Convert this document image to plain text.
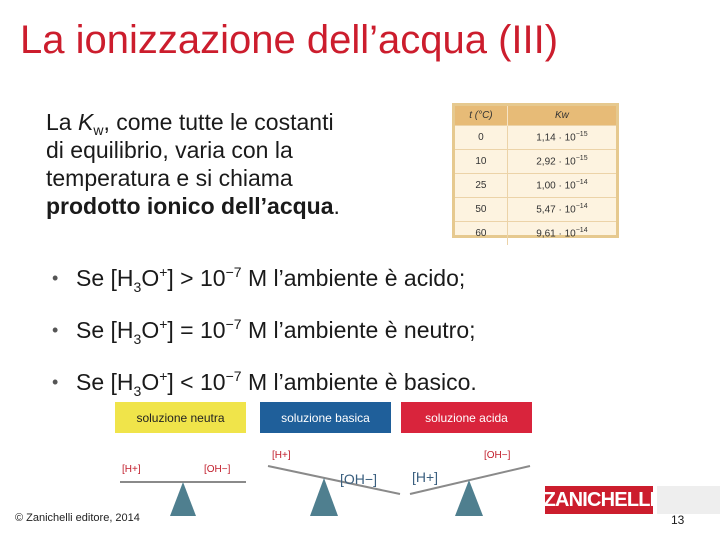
La ionizzazione dell’acqua (III)
La $K_w$, come tutte le costanti
di equilibrio, varia con la
temperatura e si chiama
prodotto ionico dell’acqua.
t (°C)	Kw
0	$1,14 \cdot 10^{-15}$
10	$2,92 \cdot 10^{-15}$
25	$1,00 \cdot 10^{-14}$
50	$5,47 \cdot 10^{-14}$
60	$9,61 \cdot 10^{-14}$
• Se $[H_3O^+] > 10^{-7}$ M l’ambiente è acido;
• Se $[H_3O^+] = 10^{-7}$ M l’ambiente è neutro;
• Se $[H_3O^+] < 10^{-7}$ M l’ambiente è basico.
soluzione neutra	soluzione basica	soluzione acida
[H+]	[OH−]
[H+]
[OH−]	[H+]
[OH−]
© Zanichelli editore, 2014
ZANICHELLI
13
